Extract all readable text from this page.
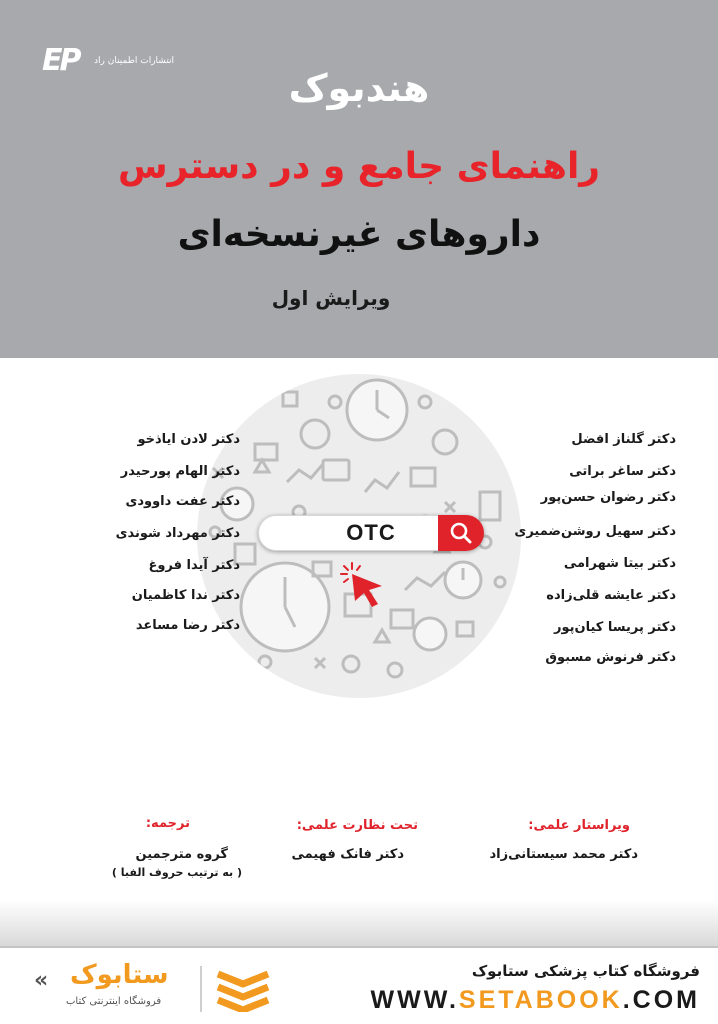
EP انتشارات اطمینان راد
هندبوک
راهنمای جامع و در دسترس
داروهای غیرنسخه‌ای
ویرایش اول
OTC
دکتر گلناز افضل
دکتر ساغر براتی
دکتر رضوان حسن‌پور
دکتر سهیل روشن‌ضمیری
دکتر بیتا شهرامی
دکتر عایشه قلی‌زاده
دکتر پریسا کیان‌پور
دکتر فرنوش مسبوق
دکتر لادن ایاذخو
دکتر الهام پورحیدر
دکتر عفت داوودی
دکتر مهرداد شوندی
دکتر آیدا فروغ
دکتر ندا کاظمیان
دکتر رضا مساعد
ویراستار علمی:
دکتر محمد سیستانی‌زاد
تحت نظارت علمی:
دکتر فانک فهیمی
ترجمه:
گروه مترجمین
( به ترتیب حروف الفبا )
فروشگاه کتاب پزشکی ستابوک
WWW.SETABOOK.COM
« ستابوک
فروشگاه اینترنتی کتاب
